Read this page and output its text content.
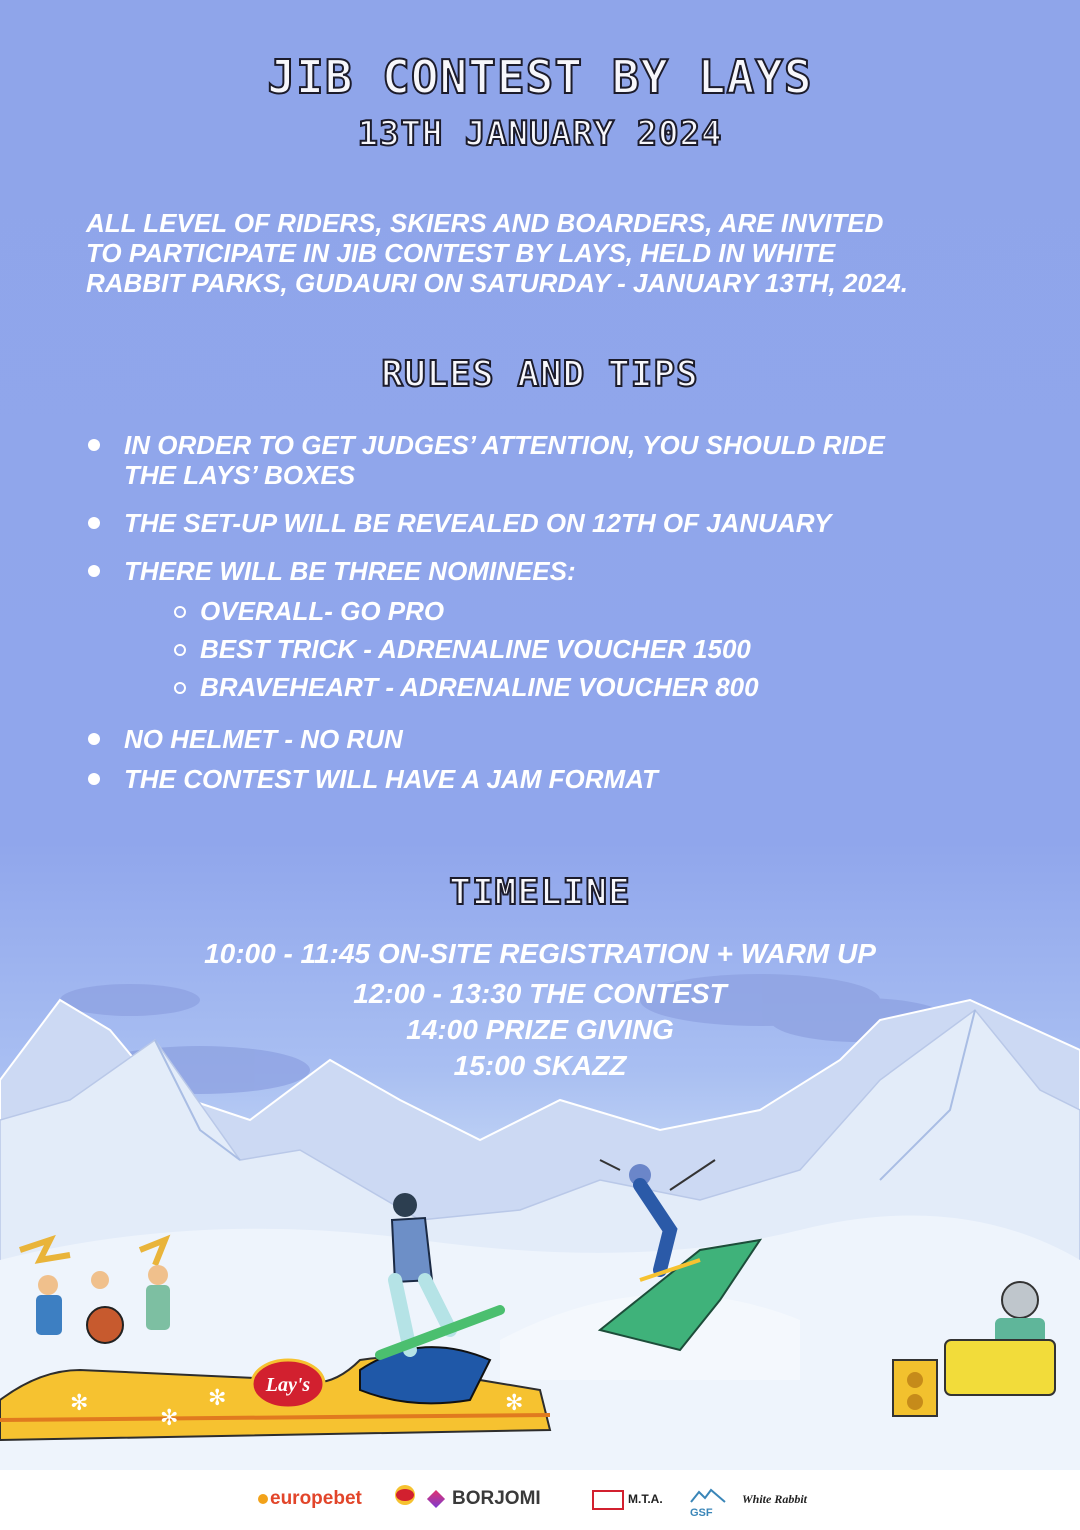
JIB CONTEST BY LAYS
13TH JANUARY 2024
ALL LEVEL OF RIDERS, SKIERS AND BOARDERS, ARE INVITED
TO PARTICIPATE IN JIB CONTEST BY LAYS, HELD IN WHITE
RABBIT PARKS, GUDAURI ON SATURDAY - JANUARY 13TH, 2024.
RULES AND TIPS
IN ORDER TO GET JUDGES’ ATTENTION, YOU SHOULD RIDE
THE LAYS’ BOXES
THE SET-UP WILL BE REVEALED ON 12TH OF JANUARY
THERE WILL BE THREE NOMINEES:
OVERALL- GO PRO
BEST TRICK - ADRENALINE VOUCHER 1500
BRAVEHEART - ADRENALINE VOUCHER 800
NO HELMET - NO RUN
THE CONTEST WILL HAVE A JAM FORMAT
Lay's
✻
✻
✻	✻
TIMELINE
10:00 - 11:45 ON-SITE REGISTRATION + WARM UP
12:00 - 13:30 THE CONTEST
14:00 PRIZE GIVING
15:00 SKAZZ
europebet	BORJOMI	M.T.A.

GSF
White Rabbit
